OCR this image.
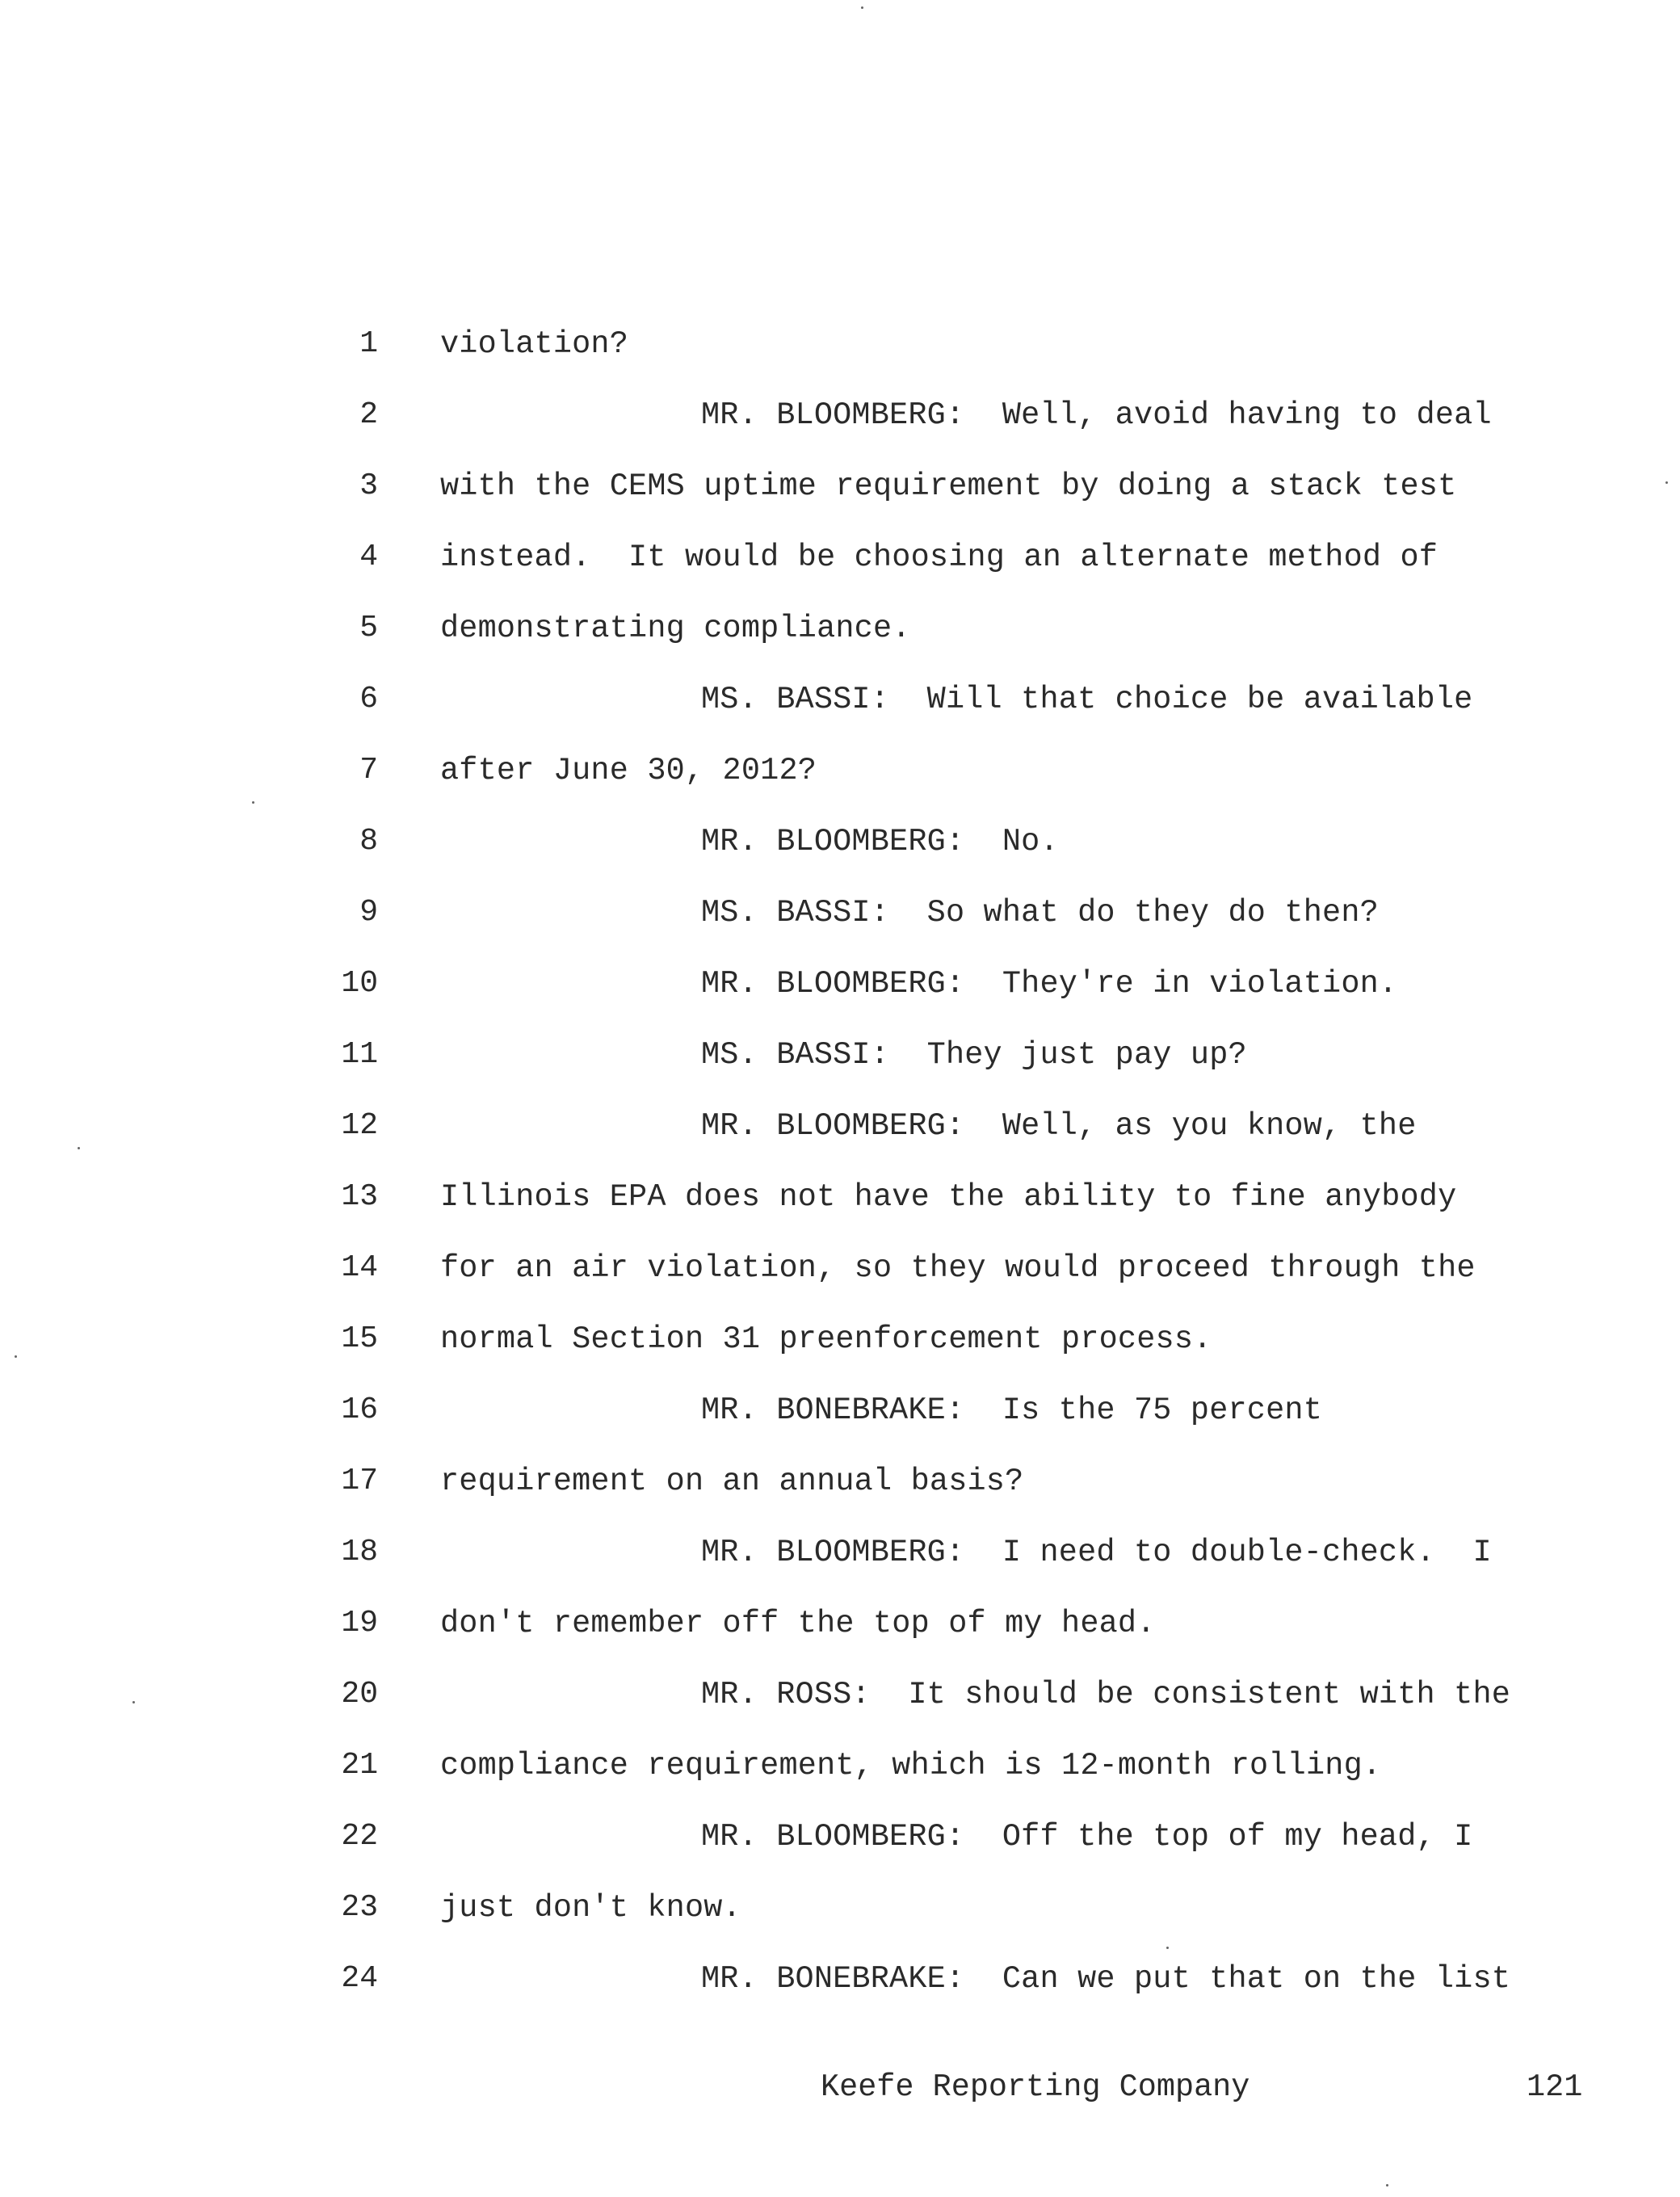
1 violation?
2	MR. BLOOMBERG:  Well, avoid having to deal
3 with the CEMS uptime requirement by doing a stack test
4 instead.  It would be choosing an alternate method of
5 demonstrating compliance.
6	MS. BASSI:  Will that choice be available
7 after June 30, 2012?
8	MR. BLOOMBERG:  No.
9	MS. BASSI:  So what do they do then?
10	MR. BLOOMBERG:  They're in violation.
11	MS. BASSI:  They just pay up?
12	MR. BLOOMBERG:  Well, as you know, the
13 Illinois EPA does not have the ability to fine anybody
14 for an air violation, so they would proceed through the
15 normal Section 31 preenforcement process.
16	MR. BONEBRAKE:  Is the 75 percent
17 requirement on an annual basis?
18	MR. BLOOMBERG:  I need to double-check.  I
19 don't remember off the top of my head.
20	MR. ROSS:  It should be consistent with the
21 compliance requirement, which is 12-month rolling.
22	MR. BLOOMBERG:  Off the top of my head, I
23 just don't know.
24	MR. BONEBRAKE:  Can we put that on the list
Keefe Reporting Company	121
